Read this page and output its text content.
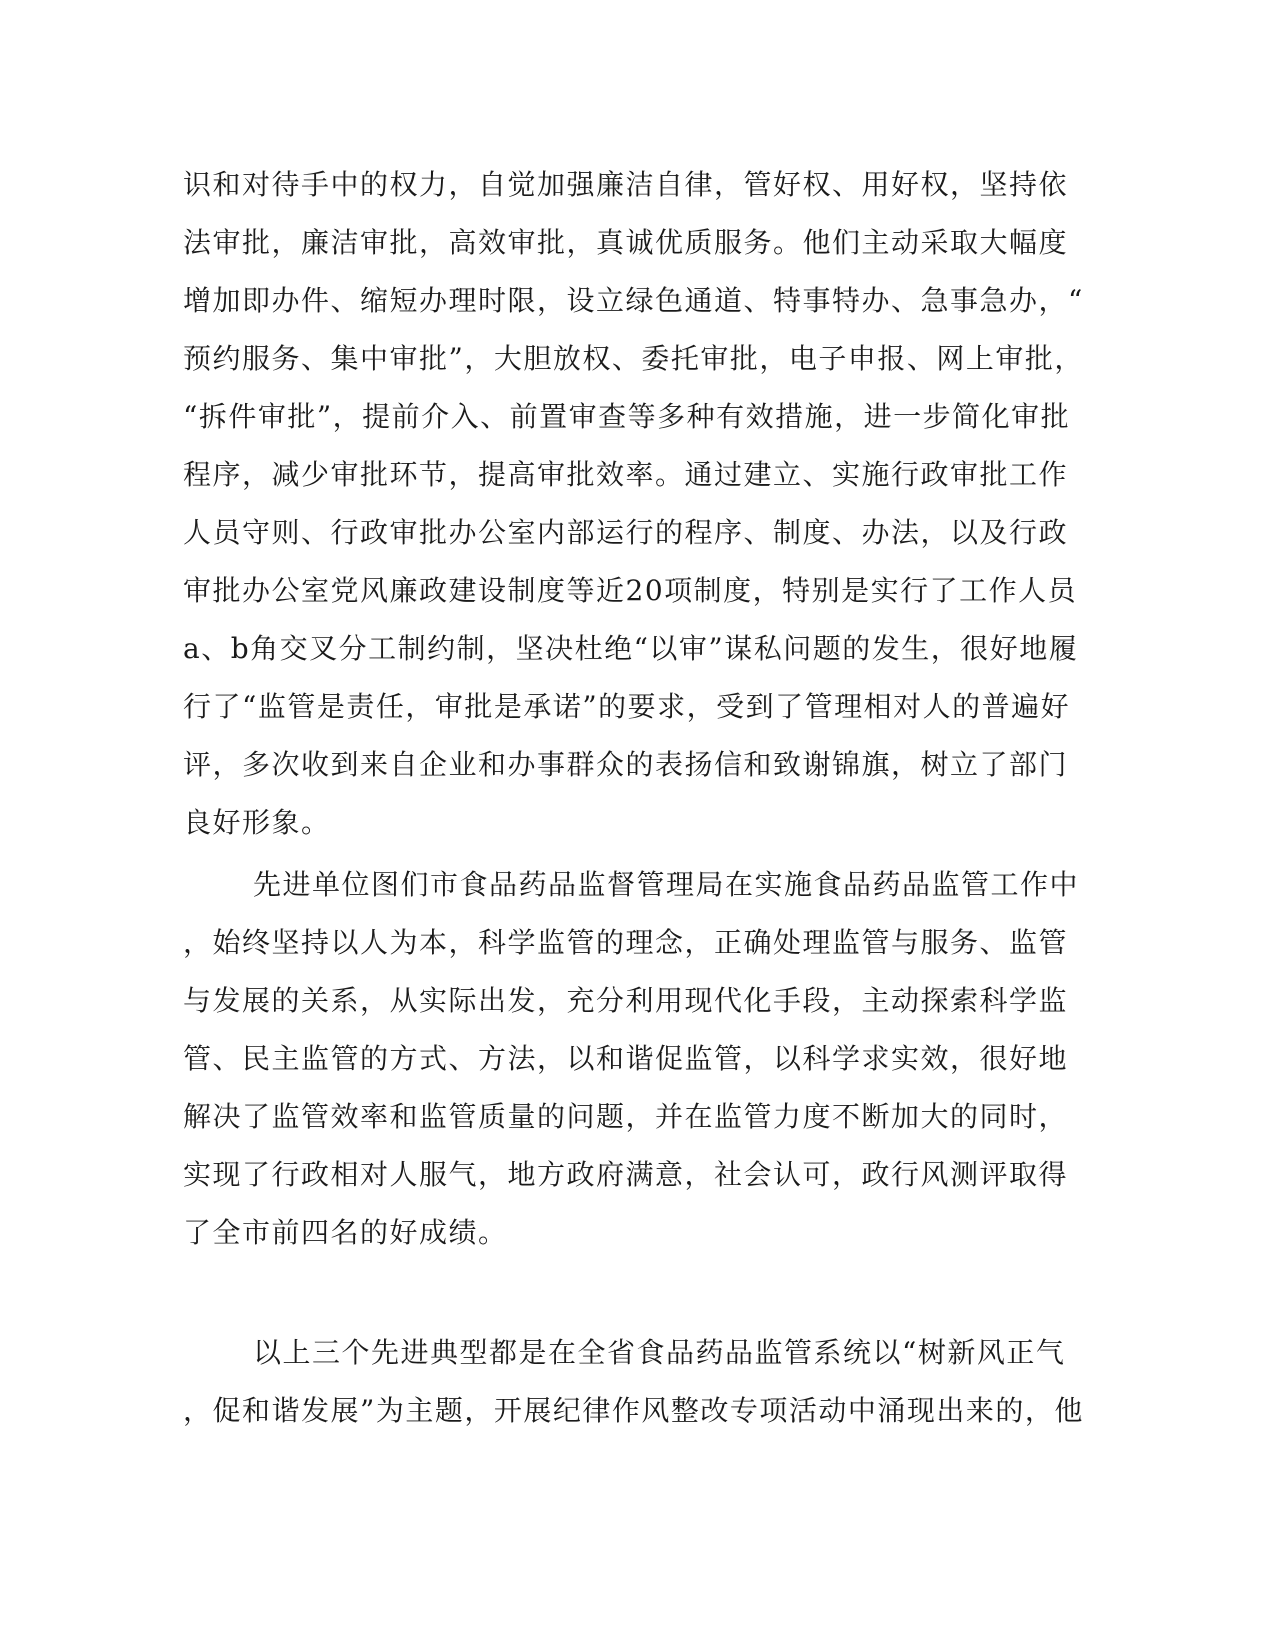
识和对待手中的权力，自觉加强廉洁自律，管好权、用好权，坚持依
法审批，廉洁审批，高效审批，真诚优质服务。他们主动采取大幅度
增加即办件、缩短办理时限，设立绿色通道、特事特办、急事急办，“
预约服务、集中审批”，大胆放权、委托审批，电子申报、网上审批，
“拆件审批”，提前介入、前置审查等多种有效措施，进一步简化审批
程序，减少审批环节，提高审批效率。通过建立、实施行政审批工作
人员守则、行政审批办公室内部运行的程序、制度、办法，以及行政
审批办公室党风廉政建设制度等近20项制度，特别是实行了工作人员
a、b角交叉分工制约制，坚决杜绝“以审”谋私问题的发生，很好地履
行了“监管是责任，审批是承诺”的要求，受到了管理相对人的普遍好
评，多次收到来自企业和办事群众的表扬信和致谢锦旗，树立了部门
良好形象。
先进单位图们市食品药品监督管理局在实施食品药品监管工作中
，始终坚持以人为本，科学监管的理念，正确处理监管与服务、监管
与发展的关系，从实际出发，充分利用现代化手段，主动探索科学监
管、民主监管的方式、方法，以和谐促监管，以科学求实效，很好地
解决了监管效率和监管质量的问题，并在监管力度不断加大的同时，
实现了行政相对人服气，地方政府满意，社会认可，政行风测评取得
了全市前四名的好成绩。
以上三个先进典型都是在全省食品药品监管系统以“树新风正气
，促和谐发展”为主题，开展纪律作风整改专项活动中涌现出来的，他
